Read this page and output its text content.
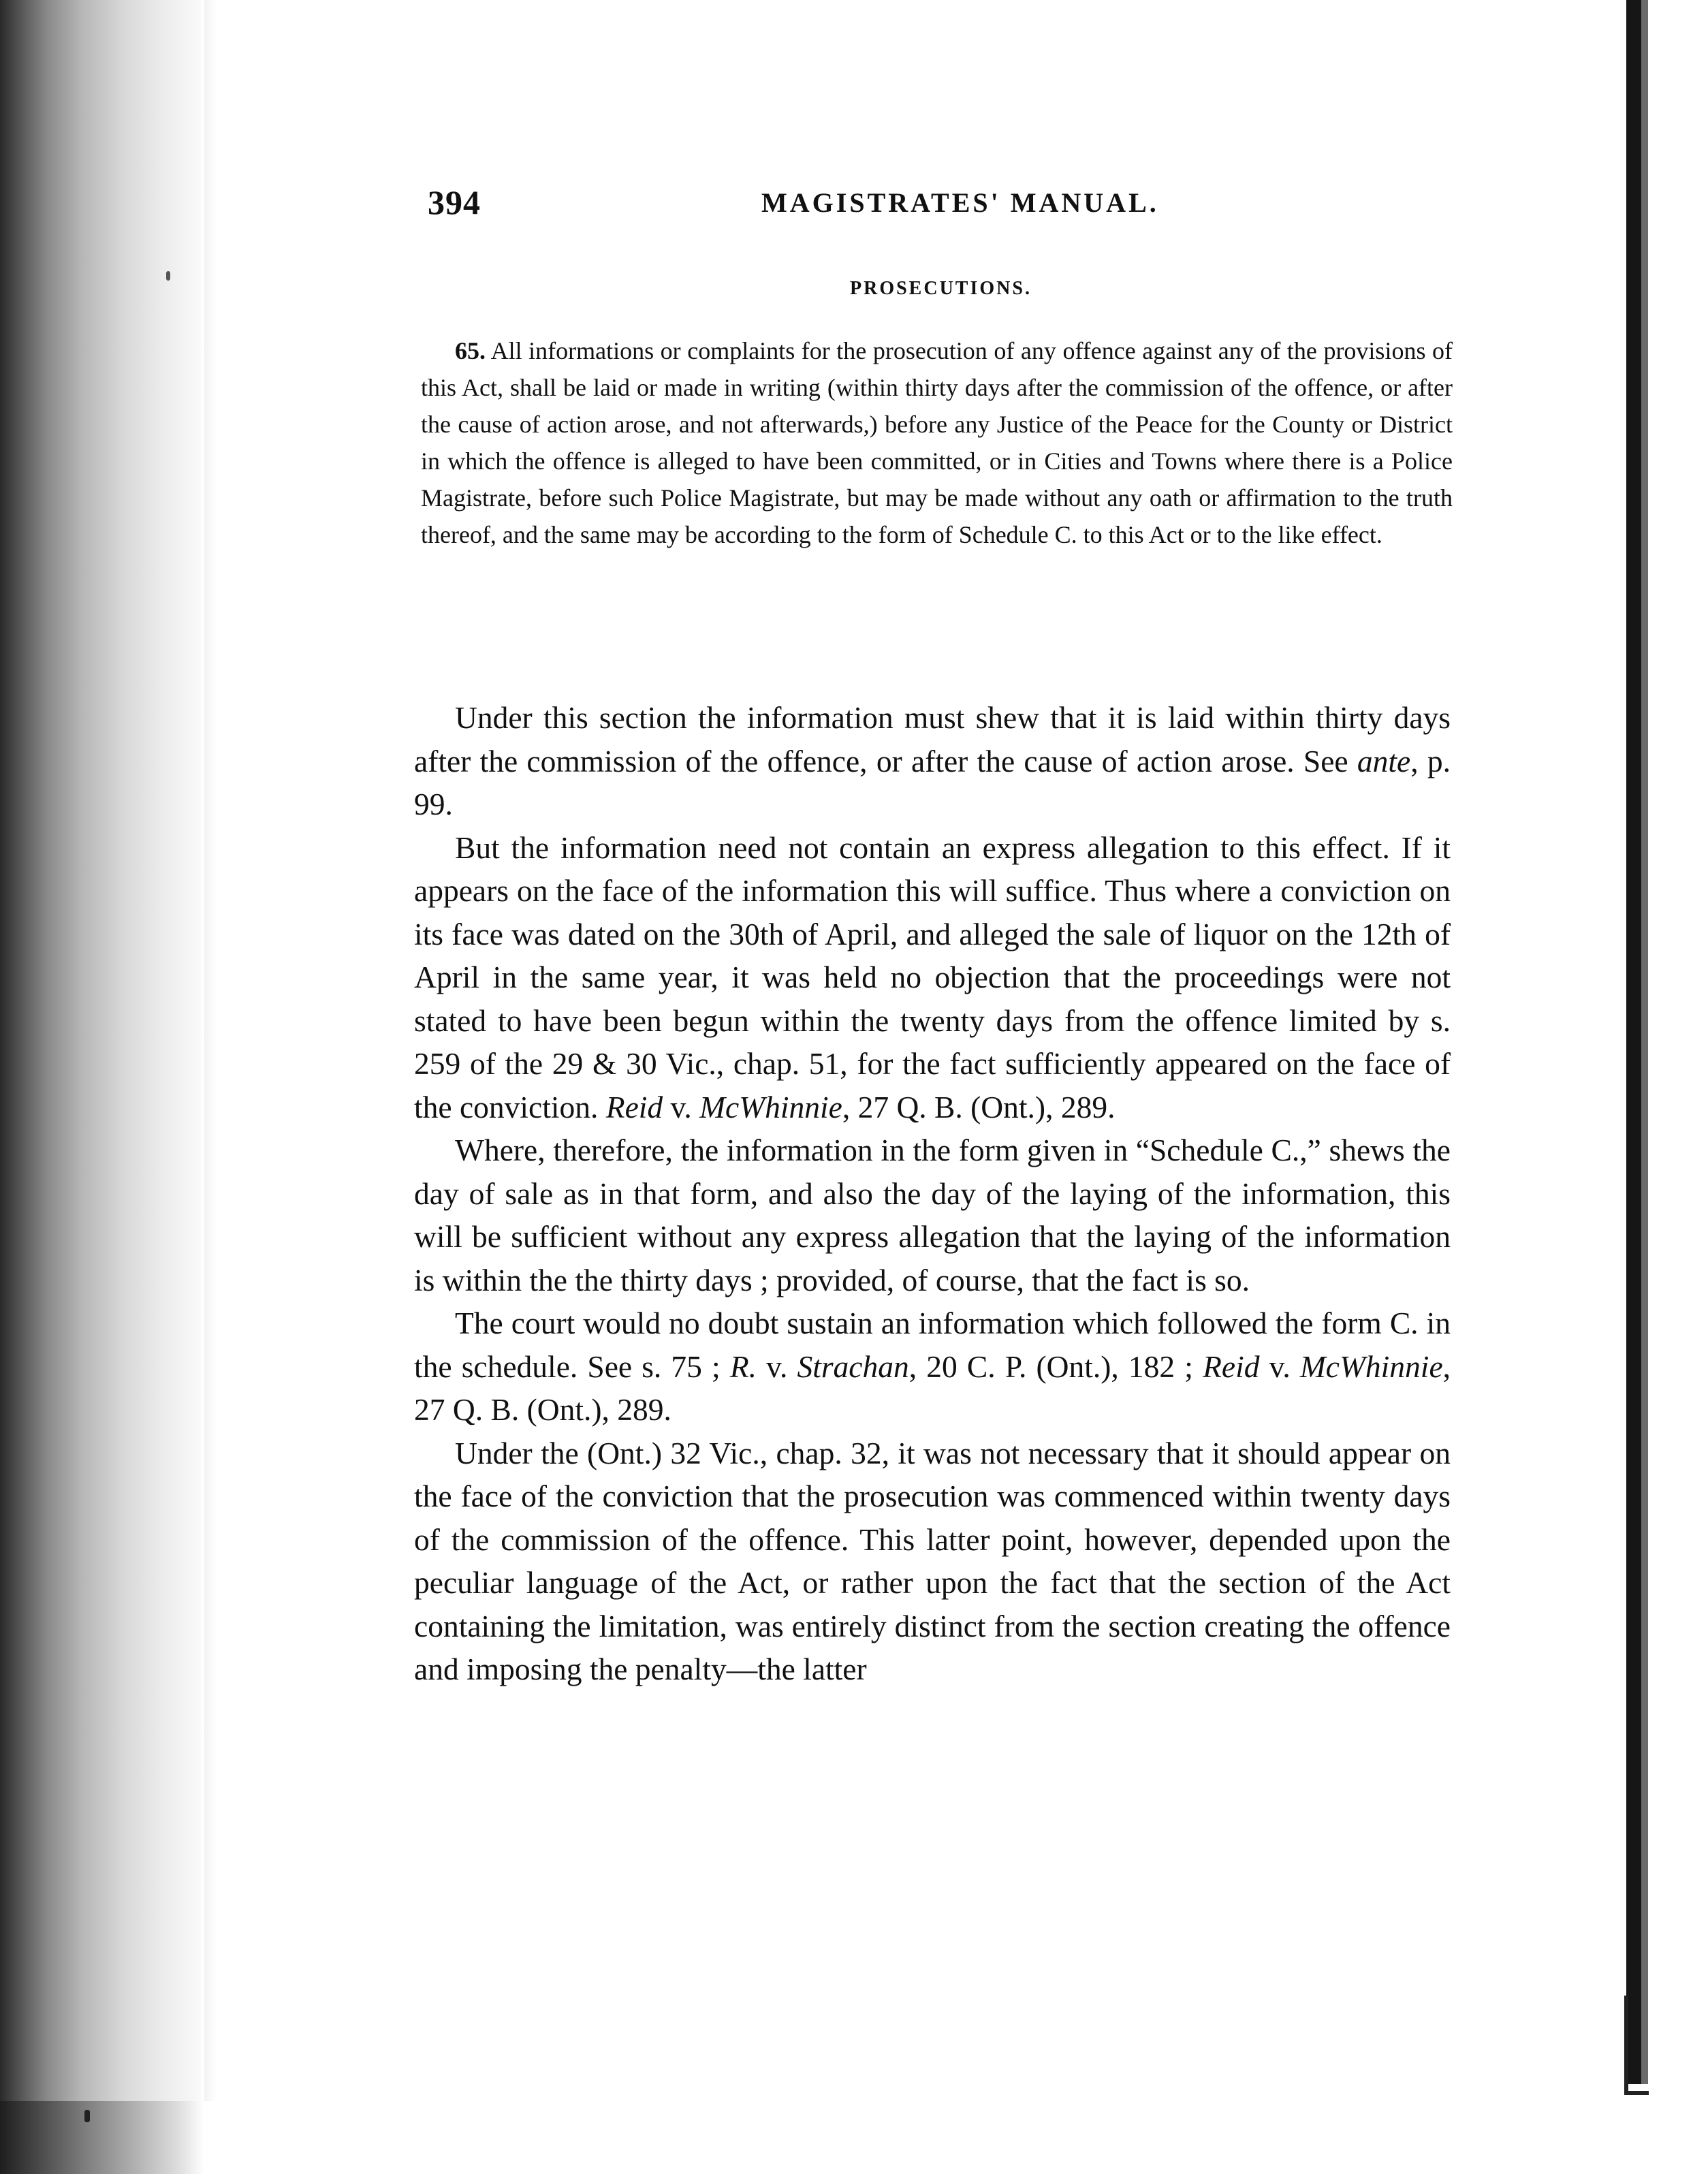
394	MAGISTRATES' MANUAL.
PROSECUTIONS.

65. All informations or complaints for the prosecution of any offence against any of the provisions of this Act, shall be laid or made in writing (within thirty days after the commission of the offence, or after the cause of action arose, and not afterwards,) before any Justice of the Peace for the County or District in which the offence is alleged to have been committed, or in Cities and Towns where there is a Police Magistrate, before such Police Magistrate, but may be made without any oath or affirmation to the truth thereof, and the same may be according to the form of Schedule C. to this Act or to the like effect.

Under this section the information must shew that it is laid within thirty days after the commission of the offence, or after the cause of action arose. See ante, p. 99.

But the information need not contain an express allegation to this effect. If it appears on the face of the information this will suffice. Thus where a conviction on its face was dated on the 30th of April, and alleged the sale of liquor on the 12th of April in the same year, it was held no objection that the proceedings were not stated to have been begun within the twenty days from the offence limited by s. 259 of the 29 & 30 Vic., chap. 51, for the fact sufficiently appeared on the face of the conviction. Reid v. McWhinnie, 27 Q. B. (Ont.), 289.

Where, therefore, the information in the form given in “Schedule C.,” shews the day of sale as in that form, and also the day of the laying of the information, this will be sufficient without any express allegation that the laying of the information is within the the thirty days ; provided, of course, that the fact is so.

The court would no doubt sustain an information which followed the form C. in the schedule. See s. 75 ; R. v. Strachan, 20 C. P. (Ont.), 182 ; Reid v. McWhinnie, 27 Q. B. (Ont.), 289.

Under the (Ont.) 32 Vic., chap. 32, it was not necessary that it should appear on the face of the conviction that the prosecution was commenced within twenty days of the commission of the offence. This latter point, however, depended upon the peculiar language of the Act, or rather upon the fact that the section of the Act containing the limitation, was entirely distinct from the section creating the offence and imposing the penalty—the latter
